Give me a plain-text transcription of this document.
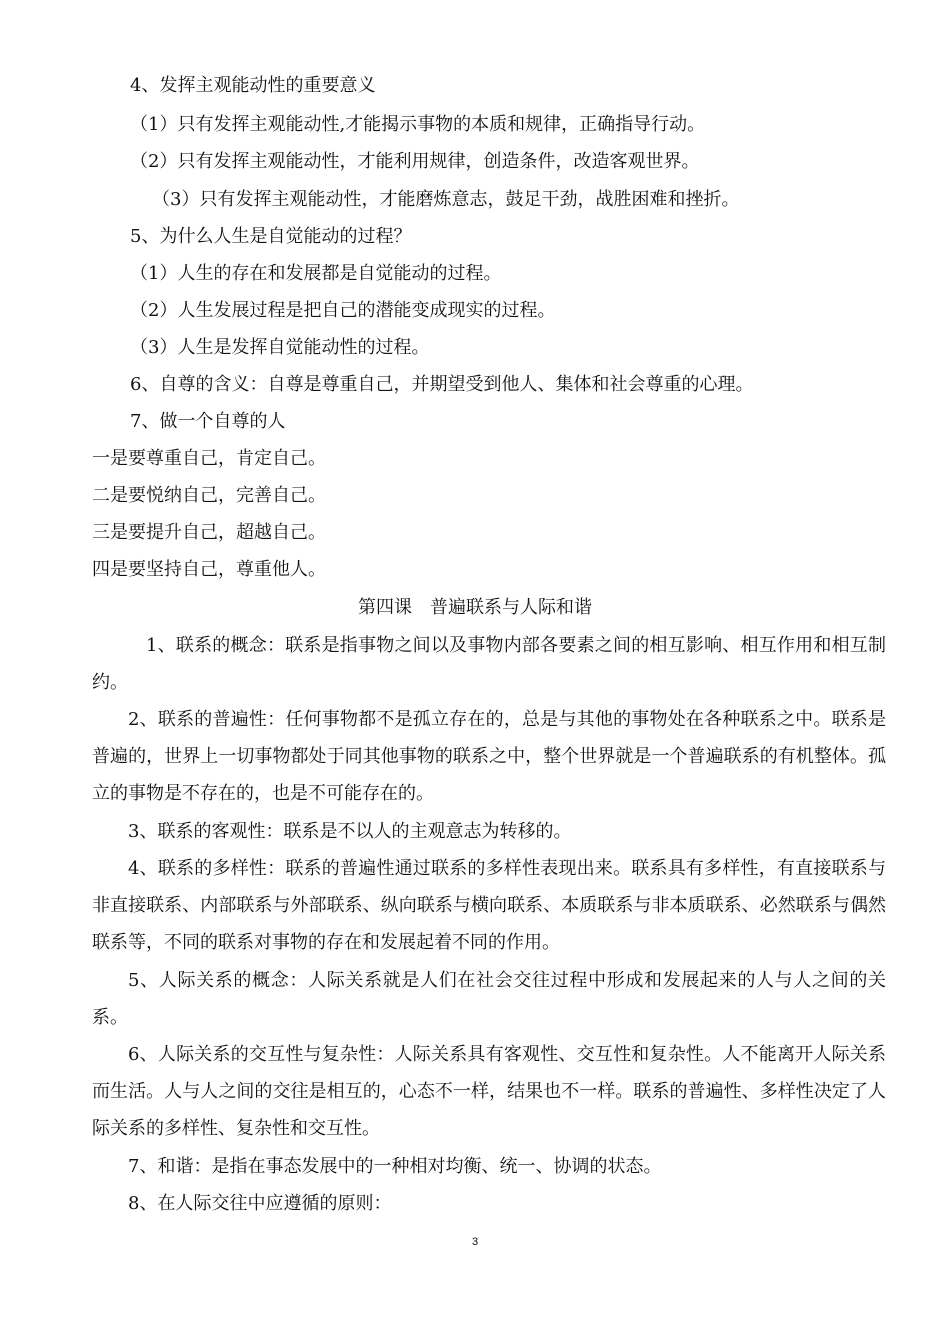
4、发挥主观能动性的重要意义
（1）只有发挥主观能动性,才能揭示事物的本质和规律，正确指导行动。
（2）只有发挥主观能动性，才能利用规律，创造条件，改造客观世界。
（3）只有发挥主观能动性，才能磨炼意志，鼓足干劲，战胜困难和挫折。
5、为什么人生是自觉能动的过程？
（1）人生的存在和发展都是自觉能动的过程。
（2）人生发展过程是把自己的潜能变成现实的过程。
（3）人生是发挥自觉能动性的过程。
6、自尊的含义：自尊是尊重自己，并期望受到他人、集体和社会尊重的心理。
7、做一个自尊的人
一是要尊重自己，肯定自己。
二是要悦纳自己，完善自己。
三是要提升自己，超越自己。
四是要坚持自己，尊重他人。
第四课　普遍联系与人际和谐
1、联系的概念：联系是指事物之间以及事物内部各要素之间的相互影响、相互作用和相互制约。
2、联系的普遍性：任何事物都不是孤立存在的，总是与其他的事物处在各种联系之中。联系是普遍的，世界上一切事物都处于同其他事物的联系之中，整个世界就是一个普遍联系的有机整体。孤立的事物是不存在的，也是不可能存在的。
3、联系的客观性：联系是不以人的主观意志为转移的。
4、联系的多样性：联系的普遍性通过联系的多样性表现出来。联系具有多样性，有直接联系与非直接联系、内部联系与外部联系、纵向联系与横向联系、本质联系与非本质联系、必然联系与偶然联系等，不同的联系对事物的存在和发展起着不同的作用。
5、人际关系的概念：人际关系就是人们在社会交往过程中形成和发展起来的人与人之间的关系。
6、人际关系的交互性与复杂性：人际关系具有客观性、交互性和复杂性。人不能离开人际关系而生活。人与人之间的交往是相互的，心态不一样，结果也不一样。联系的普遍性、多样性决定了人际关系的多样性、复杂性和交互性。
7、和谐：是指在事态发展中的一种相对均衡、统一、协调的状态。
8、在人际交往中应遵循的原则：
3
